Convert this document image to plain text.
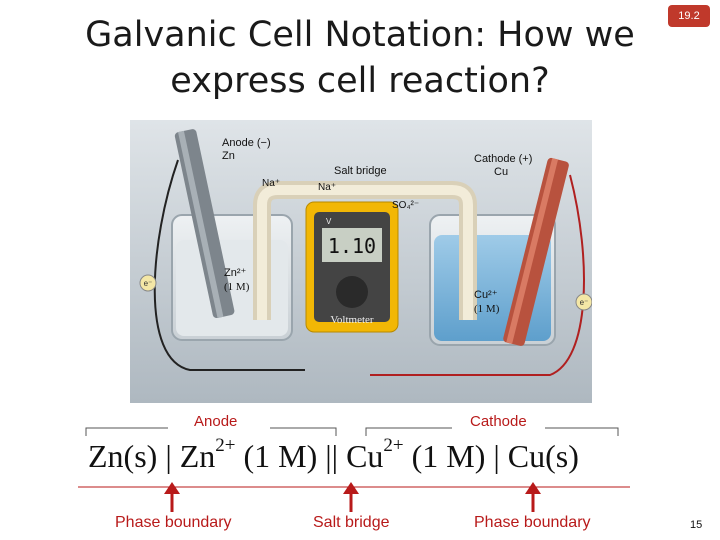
Galvanic Cell Notation: How we
express cell reaction?
19.2
1.10
V
Voltmeter
Anode (−)
Zn
Salt bridge
Na⁺	Na⁺
SO₄²⁻
Cathode (+)
Cu
Zn²⁺
(1 M)
Cu²⁺
(1 M)
e⁻
e⁻
Anode	Cathode
Zn(s) | $Zn^{2+}$ (1 M) || $Cu^{2+}$ (1 M) | Cu(s)
Phase boundary	Salt bridge	Phase boundary	15
